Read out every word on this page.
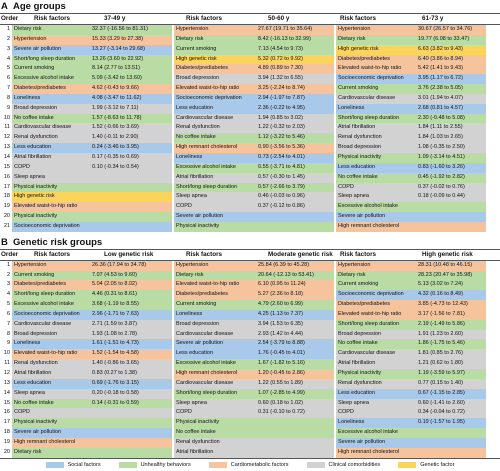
A Age groups
Order	Risk factors	37-49 y	Risk factors	50-60 y	Risk factors	61-73 y
1 Dietary risk	32.37 (-16.56 to 81.31)	Hypertension	27.67 (19.71 to 35.64)	Hypertension	30.67 (26.57 to 34.76)
2 Hypertension	15.33 (3.29 to 27.38)	Dietary risk	8.42 (-16.13 to 32.99)	Dietary risk	19.77 (6.08 to 33.47)
3 Severe air pollution	13.27 (-3.14 to 29.68)	Current smoking	7.13 (4.54 to 9.73)	High genetic risk	6.63 (3.82 to 9.43)
4 Short/long sleep duration	13.26 (3.60 to 22.92)	High genetic risk	5.32 (0.72 to 9.92)	Diabetes/prediabetes	6.40 (3.86 to 8.94)
5 Current smoking	8.14 (2.77 to 13.51)	Diabetes/prediabetes	4.89 (0.89 to 7.30)	Elevated waist-to-hip ratio	5.42 (1.41 to 9.43)
6 Excessive alcohol intake	5.09 (-3.42 to 13.60)	Broad depression	3.94 (1.32 to 6.55)	Socioeconomic deprivation	3.95 (1.17 to 6.72)
7 Diabetes/prediabetes	4.62 (-0.43 to 9.66)	Elevated waist-to-hip ratio	3.25 (-2.24 to 8.74)	Current smoking	3.76 (2.38 to 5.05)
8 Loneliness	4.08 (-3.47 to 11.62)	Socioeconomic deprivation	2.94 (-1.97 to 7.87)	Cardiovascular disease	3.01 (1.94 to 4.07)
9 Broad depression	1.99 (-3.12 to 7.11)	Less education	2.36 (-0.22 to 4.95)	Loneliness	2.68 (0.81 to 4.57)
10 No coffee intake	1.57 (-8.63 to 11.78)	Cardiovascular disease	1.94 (0.85 to 3.02)	Short/long sleep duration	2.30 (-0.48 to 5.08)
11 Cardiovascular disease	1.52 (-0.66 to 3.69)	Renal dysfunction	1.22 (-0.32 to 2.03)	Atrial fibrillation	1.84 (1.11 to 2.55)
12 Renal dysfunction	1.40 (-0.11 to 2.90)	No coffee intake	1.12 (-3.22 to 5.46)	Renal dysfunction	1.84 (1.03 to 2.65)
13 Less education	0.24 (-3.46 to 3.95)	High remnant cholesterol	0.90 (-3.56 to 5.36)	Broad depression	1.08 (-0.35 to 2.50)
14 Atrial fibrillation	0.17 (-0.35 to 0.69)	Loneliness	0.73 (-2.54 to 4.01)	Physical inactivity	1.09 (-3.14 to 4.51)
15 COPD	0.10 (-0.34 to 0.54)	Excessive alcohol intake	0.55 (-3.71 to 4.81)	Less education	0.83 (-1.60 to 3.26)
16 Sleep apnea	Atrial fibrillation	0.57 (-0.30 to 1.45)	No coffee intake	0.45 (-1.92 to 2.82)
17 Physical inactivity	Short/long sleep duration	0.57 (-2.66 to 3.79)	COPD	0.37 (-0.02 to 0.76)
18 High genetic risk	Sleep apnea	0.46 (-0.03 to 0.96)	Sleep apnea	0.18 (-0.09 to 0.44)
19 Elevated waist-to-hip ratio	COPD	0.37 (-0.12 to 0.86)	Excessive alcohol intake
20 Physical inactivity	Severe air pollution	Severe air pollution
21 Socioeconomic deprivation	Physical inactivity	High remnant cholesterol
B Genetic risk groups
Order	Risk factors	Low genetic risk	Risk factors	Moderate genetic risk	Risk factors	High genetic risk
1 Hypertension	26.36 (17.94 to 34.78)	Hypertension	25.84 (6.39 to 45.28)	Hypertension	28.31 (10.48 to 46.15)
2 Current smoking	7.07 (4.53 to 9.60)	Dietary risk	20.64 (-12.13 to 53.41)	Dietary risk	28.23 (20.47 to 35.98)
3 Diabetes/prediabetes	5.04 (2.05 to 8.02)	Elevated waist-to-hip ratio	6.10 (0.95 to 11.24)	Current smoking	5.13 (3.02 to 7.24)
4 Short/long sleep duration	4.46 (0.31 to 8.61)	Diabetes/prediabetes	5.27 (2.36 to 8.18)	Socioeconomic deprivation	4.32 (0.16 to 8.49)
5 Excessive alcohol intake	3.68 (-1.19 to 8.55)	Current smoking	4.79 (2.60 to 6.99)	Diabetes/prediabetes	3.85 (-4.73 to 12.43)
6 Socioeconomic deprivation	2.96 (-1.71 to 7.63)	Loneliness	4.25 (1.13 to 7.37)	Elevated waist-to-hip ratio	3.17 (-1.56 to 7.81)
7 Cardiovascular disease	2.71 (1.59 to 3.87)	Broad depression	3.94 (1.53 to 6.35)	Short/long sleep duration	2.19 (-1.49 to 5.86)
8 Broad depression	1.93 (1.08 to 2.78)	Cardiovascular disease	2.93 (1.42 to 4.44)	Broad depression	1.91 (1.23 to 2.60)
9 Loneliness	1.61 (-1.51 to 4.73)	Severe air pollution	2.54 (-3.79 to 8.88)	No coffee intake	1.86 (-1.75 to 5.46)
10 Elevated waist-to-hip ratio	1.52 (-1.54 to 4.58)	Less education	1.76 (-0.45 to 4.01)	Cardiovascular disease	1.81 (0.85 to 2.76)
11 Renal dysfunction	1.40 (-0.86 to 3.65)	Excessive alcohol intake	1.67 (-1.82 to 5.16)	Atrial fibrillation	1.21 (0.62 to 1.80)
12 Atrial fibrillation	0.83 (0.27 to 1.38)	High remnant cholesterol	1.20 (-0.45 to 2.86)	Physical inactivity	1.19 (-3.59 to 5.97)
13 Less education	0.69 (-1.76 to 3.15)	Cardiovascular disease	1.22 (0.55 to 1.89)	Renal dysfunction	0.77 (0.15 to 1.40)
14 Sleep apnea	0.20 (-0.18 to 0.58)	Short/long sleep duration	1.07 (-2.85 to 4.99)	Less education	0.67 (-1.15 to 2.85)
15 No coffee intake	0.14 (-0.31 to 0.59)	Sleep apnea	0.60 (0.18 to 1.02)	Sleep apnea	0.60 (-1.41 to 2.60)
16 COPD	COPD	0.31 (-0.10 to 0.72)	COPD	0.34 (-0.04 to 0.72)
17 Physical inactivity	Physical inactivity	Loneliness	0.19 (-1.57 to 1.95)
18 Severe air pollution	No coffee intake	Excessive alcohol intake
19 High remnant cholesterol	Renal dysfunction	Severe air pollution
20 Dietary risk	Atrial fibrillation	High remnant cholesterol
Social factors	Unhealthy behaviors	Cardiometabolic factors	Clinical comorbidities	Genetic factor
